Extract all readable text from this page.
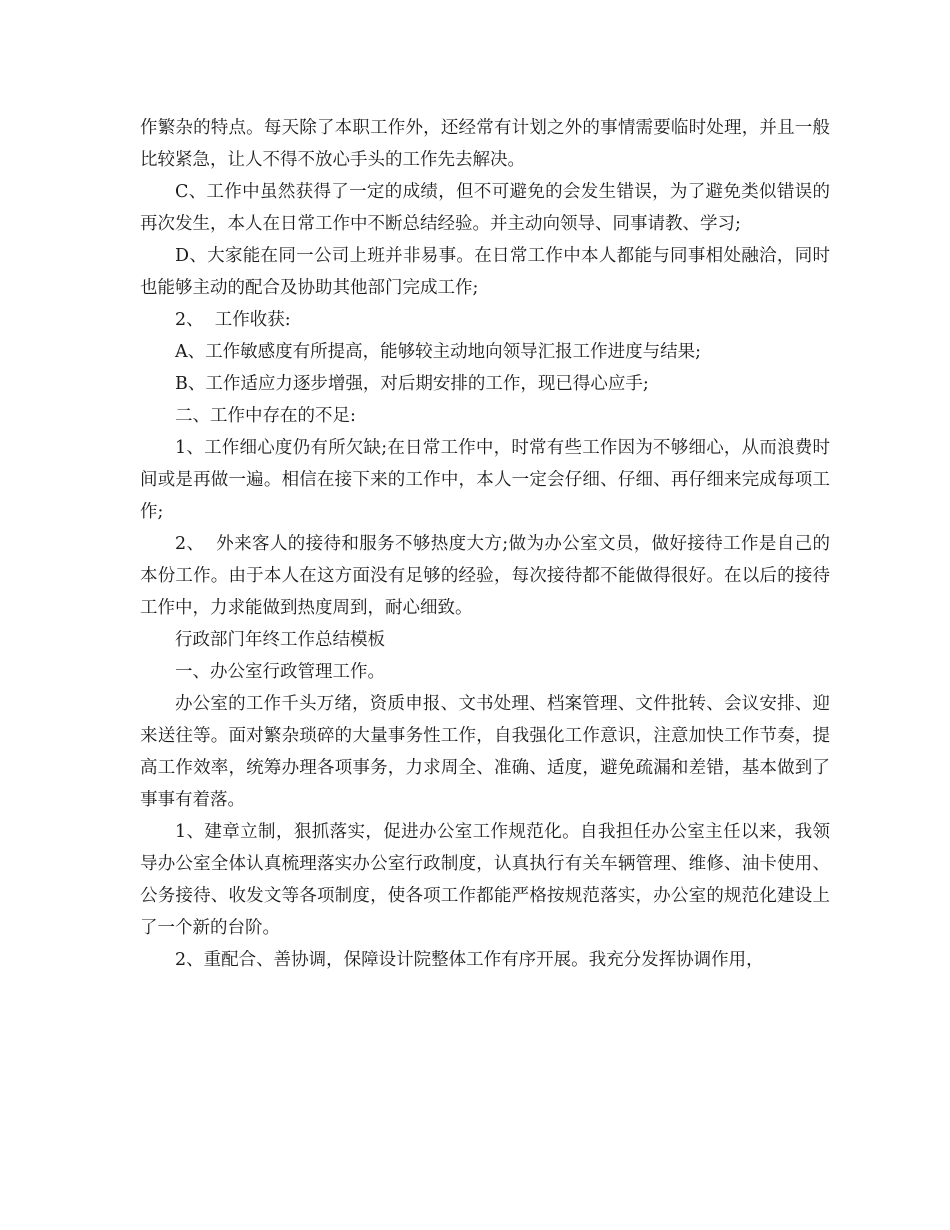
作繁杂的特点。每天除了本职工作外，还经常有计划之外的事情需要临时处理，并且一般比较紧急，让人不得不放心手头的工作先去解决。

C、工作中虽然获得了一定的成绩，但不可避免的会发生错误，为了避免类似错误的再次发生，本人在日常工作中不断总结经验。并主动向领导、同事请教、学习;

D、大家能在同一公司上班并非易事。在日常工作中本人都能与同事相处融洽，同时也能够主动的配合及协助其他部门完成工作;

2、  工作收获:

A、工作敏感度有所提高，能够较主动地向领导汇报工作进度与结果;

B、工作适应力逐步增强，对后期安排的工作，现已得心应手;

二、工作中存在的不足:

1、工作细心度仍有所欠缺;在日常工作中，时常有些工作因为不够细心，从而浪费时间或是再做一遍。相信在接下来的工作中，本人一定会仔细、仔细、再仔细来完成每项工作;

2、  外来客人的接待和服务不够热度大方;做为办公室文员，做好接待工作是自己的本份工作。由于本人在这方面没有足够的经验，每次接待都不能做得很好。在以后的接待工作中，力求能做到热度周到，耐心细致。

行政部门年终工作总结模板

一、办公室行政管理工作。

办公室的工作千头万绪，资质申报、文书处理、档案管理、文件批转、会议安排、迎来送往等。面对繁杂琐碎的大量事务性工作，自我强化工作意识，注意加快工作节奏，提高工作效率，统筹办理各项事务，力求周全、准确、适度，避免疏漏和差错，基本做到了事事有着落。

1、建章立制，狠抓落实，促进办公室工作规范化。自我担任办公室主任以来，我领导办公室全体认真梳理落实办公室行政制度，认真执行有关车辆管理、维修、油卡使用、公务接待、收发文等各项制度，使各项工作都能严格按规范落实，办公室的规范化建设上了一个新的台阶。

2、重配合、善协调，保障设计院整体工作有序开展。我充分发挥协调作用，
